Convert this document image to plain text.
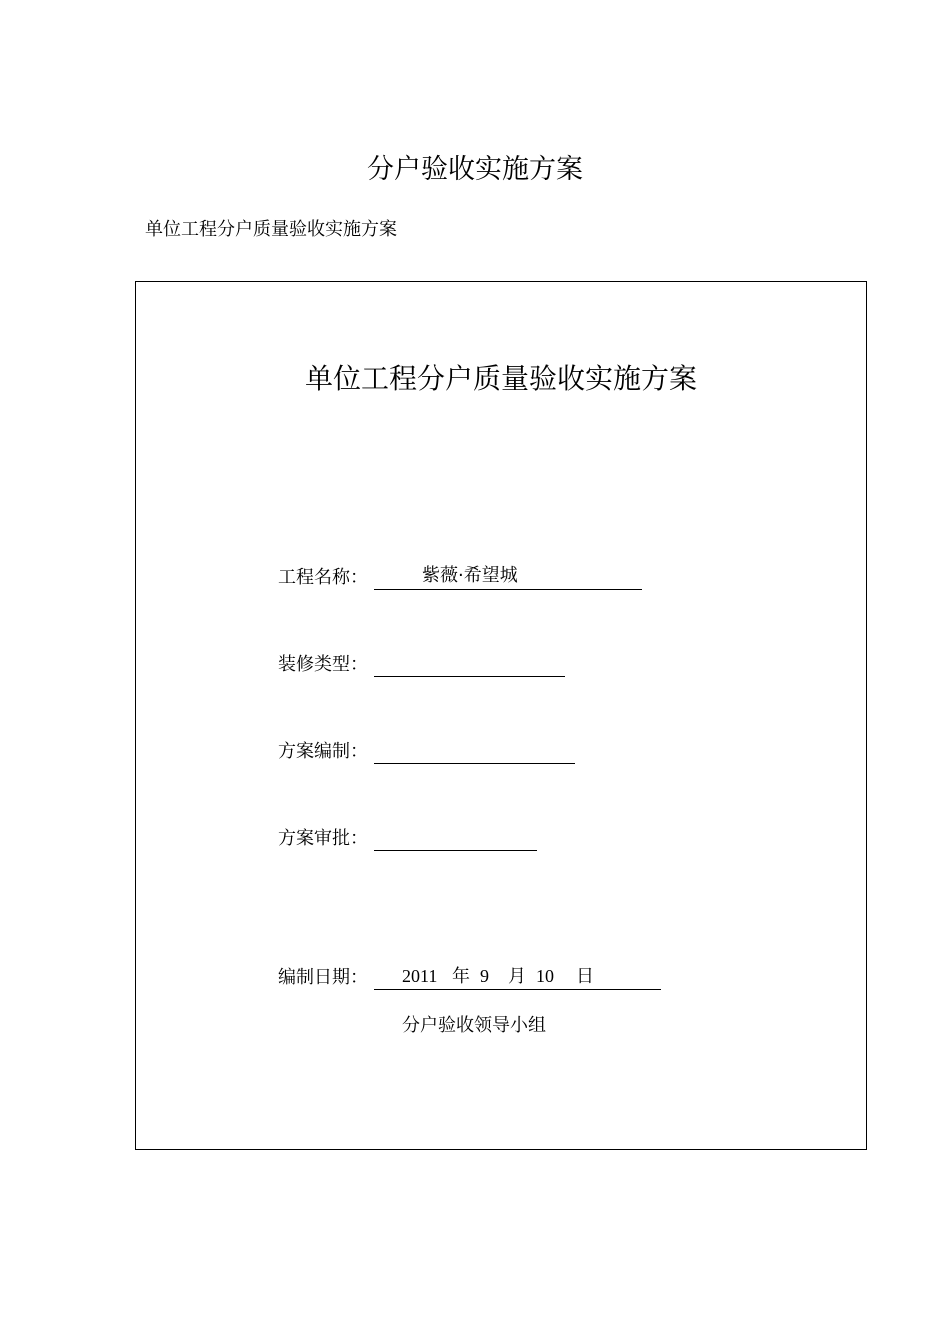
分户验收实施方案
单位工程分户质量验收实施方案
单位工程分户质量验收实施方案
工程名称：	紫薇·希望城
装修类型：
方案编制：
方案审批：
编制日期： 2011 年 9 月 10 日
分户验收领导小组
